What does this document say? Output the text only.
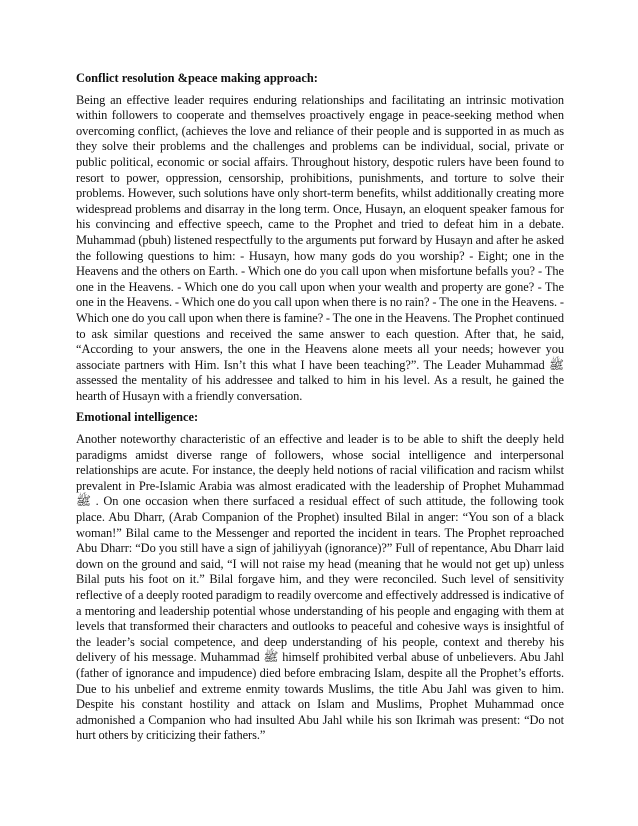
Conflict resolution &peace making approach:

Being an effective leader requires enduring relationships and facilitating an intrinsic motivation within followers to cooperate and themselves proactively engage in peace-seeking method when overcoming conflict, (achieves the love and reliance of their people and is supported in as much as they solve their problems and the challenges and problems can be individual, social, private or public political, economic or social affairs. Throughout history, despotic rulers have been found to resort to power, oppression, censorship, prohibitions, punishments, and torture to solve their problems. However, such solutions have only short-term benefits, whilst additionally creating more widespread problems and disarray in the long term. Once, Husayn, an eloquent speaker famous for his convincing and effective speech, came to the Prophet and tried to defeat him in a debate. Muhammad (pbuh) listened respectfully to the arguments put forward by Husayn and after he asked the following questions to him: - Husayn, how many gods do you worship? - Eight; one in the Heavens and the others on Earth. - Which one do you call upon when misfortune befalls you? - The one in the Heavens. - Which one do you call upon when your wealth and property are gone? - The one in the Heavens. - Which one do you call upon when there is no rain? - The one in the Heavens. - Which one do you call upon when there is famine? - The one in the Heavens. The Prophet continued to ask similar questions and received the same answer to each question. After that, he said, “According to your answers, the one in the Heavens alone meets all your needs; however you associate partners with Him. Isn’t this what I have been teaching?”. The Leader Muhammad ﷺ assessed the mentality of his addressee and talked to him in his level. As a result, he gained the hearth of Husayn with a friendly conversation.

Emotional intelligence:

Another noteworthy characteristic of an effective and leader is to be able to shift the deeply held paradigms amidst diverse range of followers, whose social intelligence and interpersonal relationships are acute. For instance, the deeply held notions of racial vilification and racism whilst prevalent in Pre-Islamic Arabia was almost eradicated with the leadership of Prophet Muhammad ﷺ . On one occasion when there surfaced a residual effect of such attitude, the following took place. Abu Dharr, (Arab Companion of the Prophet) insulted Bilal in anger: “You son of a black woman!” Bilal came to the Messenger and reported the incident in tears. The Prophet reproached Abu Dharr: “Do you still have a sign of jahiliyyah (ignorance)?” Full of repentance, Abu Dharr laid down on the ground and said, “I will not raise my head (meaning that he would not get up) unless Bilal puts his foot on it.” Bilal forgave him, and they were reconciled. Such level of sensitivity reflective of a deeply rooted paradigm to readily overcome and effectively addressed is indicative of a mentoring and leadership potential whose understanding of his people and engaging with them at levels that transformed their characters and outlooks to peaceful and cohesive ways is insightful of the leader’s social competence, and deep understanding of his people, context and thereby his delivery of his message. Muhammad ﷺ himself prohibited verbal abuse of unbelievers. Abu Jahl (father of ignorance and impudence) died before embracing Islam, despite all the Prophet’s efforts. Due to his unbelief and extreme enmity towards Muslims, the title Abu Jahl was given to him. Despite his constant hostility and attack on Islam and Muslims, Prophet Muhammad once admonished a Companion who had insulted Abu Jahl while his son Ikrimah was present: “Do not hurt others by criticizing their fathers.”
